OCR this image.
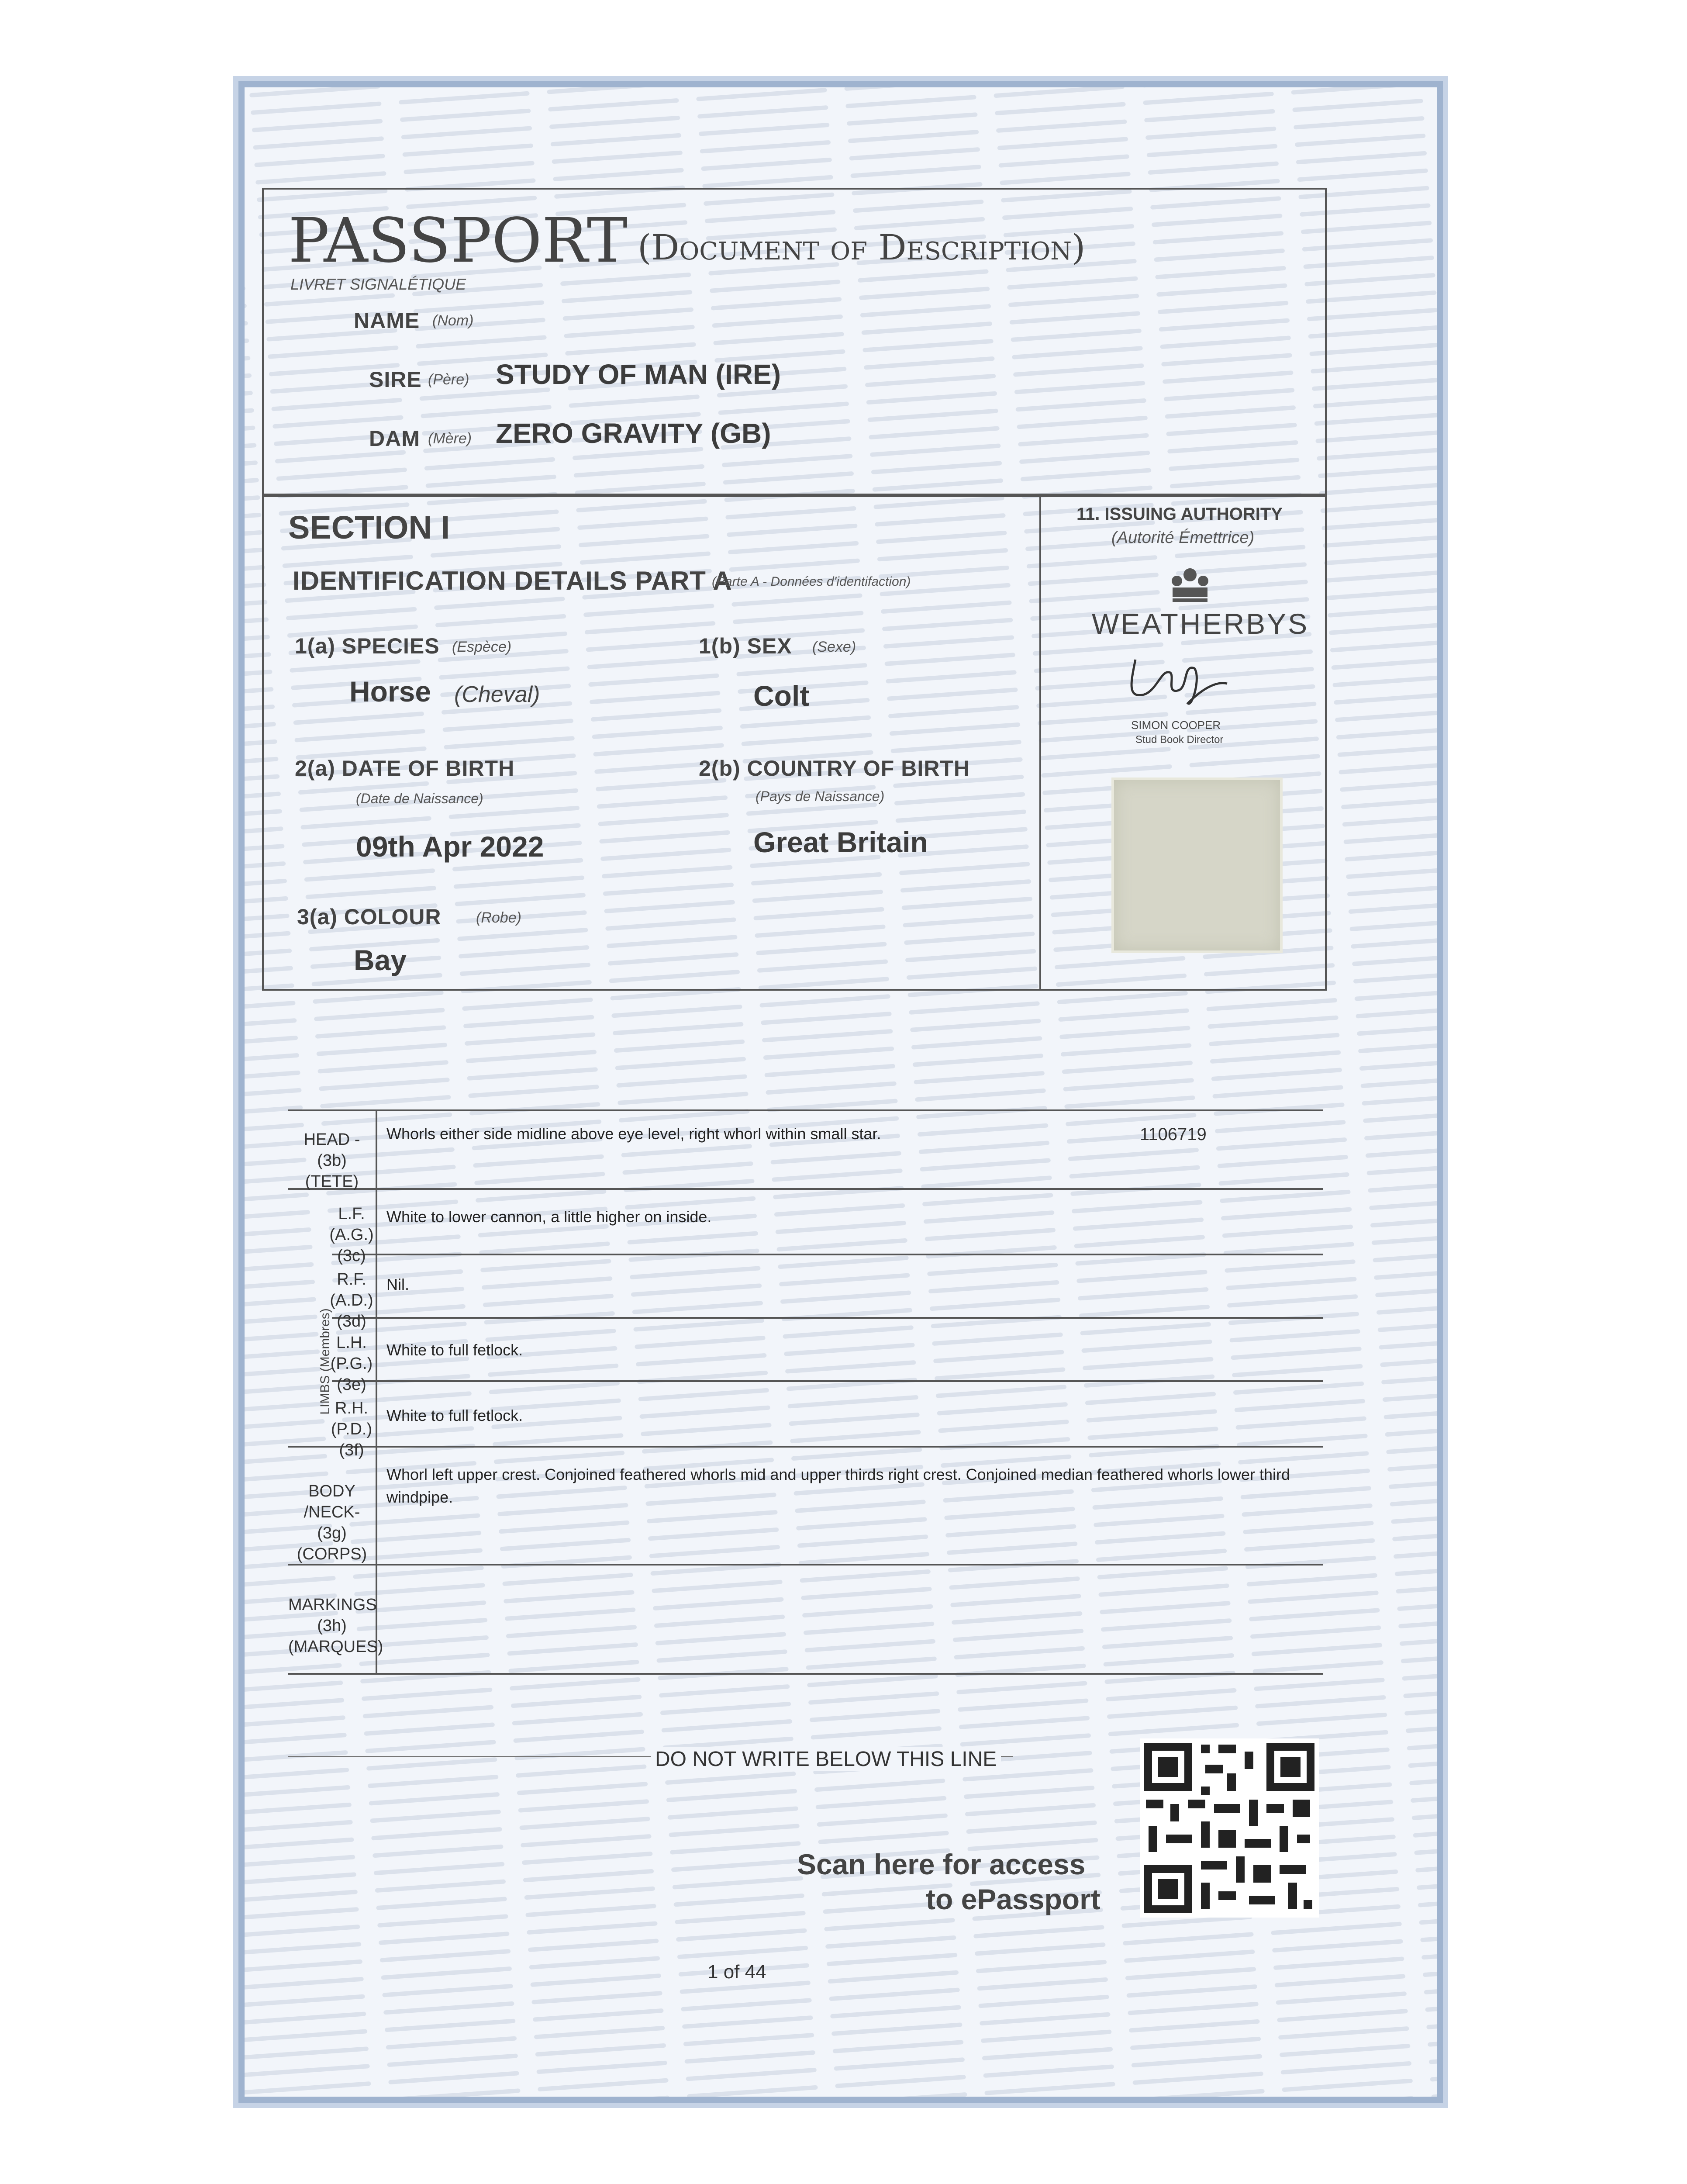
PASSPORT (Document of Description)
LIVRET SIGNALÉTIQUE
NAME (Nom)
SIRE (Père) STUDY OF MAN (IRE)
DAM (Mère) ZERO GRAVITY (GB)
SECTION I
IDENTIFICATION DETAILS PART A
(Parte A - Données d'identifaction)
1(a) SPECIES (Espèce)
Horse (Cheval)
1(b) SEX (Sexe)
Colt
2(a) DATE OF BIRTH
(Date de Naissance)
09th Apr 2022
2(b) COUNTRY OF BIRTH
(Pays de Naissance)
Great Britain
3(a) COLOUR (Robe)
Bay
11. ISSUING AUTHORITY
(Autorité Émettrice)
WEATHERBYS
SIMON COOPER
Stud Book Director
1106719
LIMBS (Membres)
HEAD - (3b)
(TETE)
Whorls either side midline above eye level, right whorl within small star.
L.F. (A.G.)
(3c)
White to lower cannon, a little higher on inside.
R.F. (A.D.)
(3d)
Nil.
L.H. (P.G.)
(3e)
White to full fetlock.
R.H. (P.D.)
(3f)
White to full fetlock.
BODY /NECK-
(3g) (CORPS)
Whorl left upper crest. Conjoined feathered whorls mid and upper thirds right crest. Conjoined median feathered whorls lower third windpipe.
MARKINGS (3h)
(MARQUES)
DO NOT WRITE BELOW THIS LINE
Scan here for access
to ePassport
1 of 44
